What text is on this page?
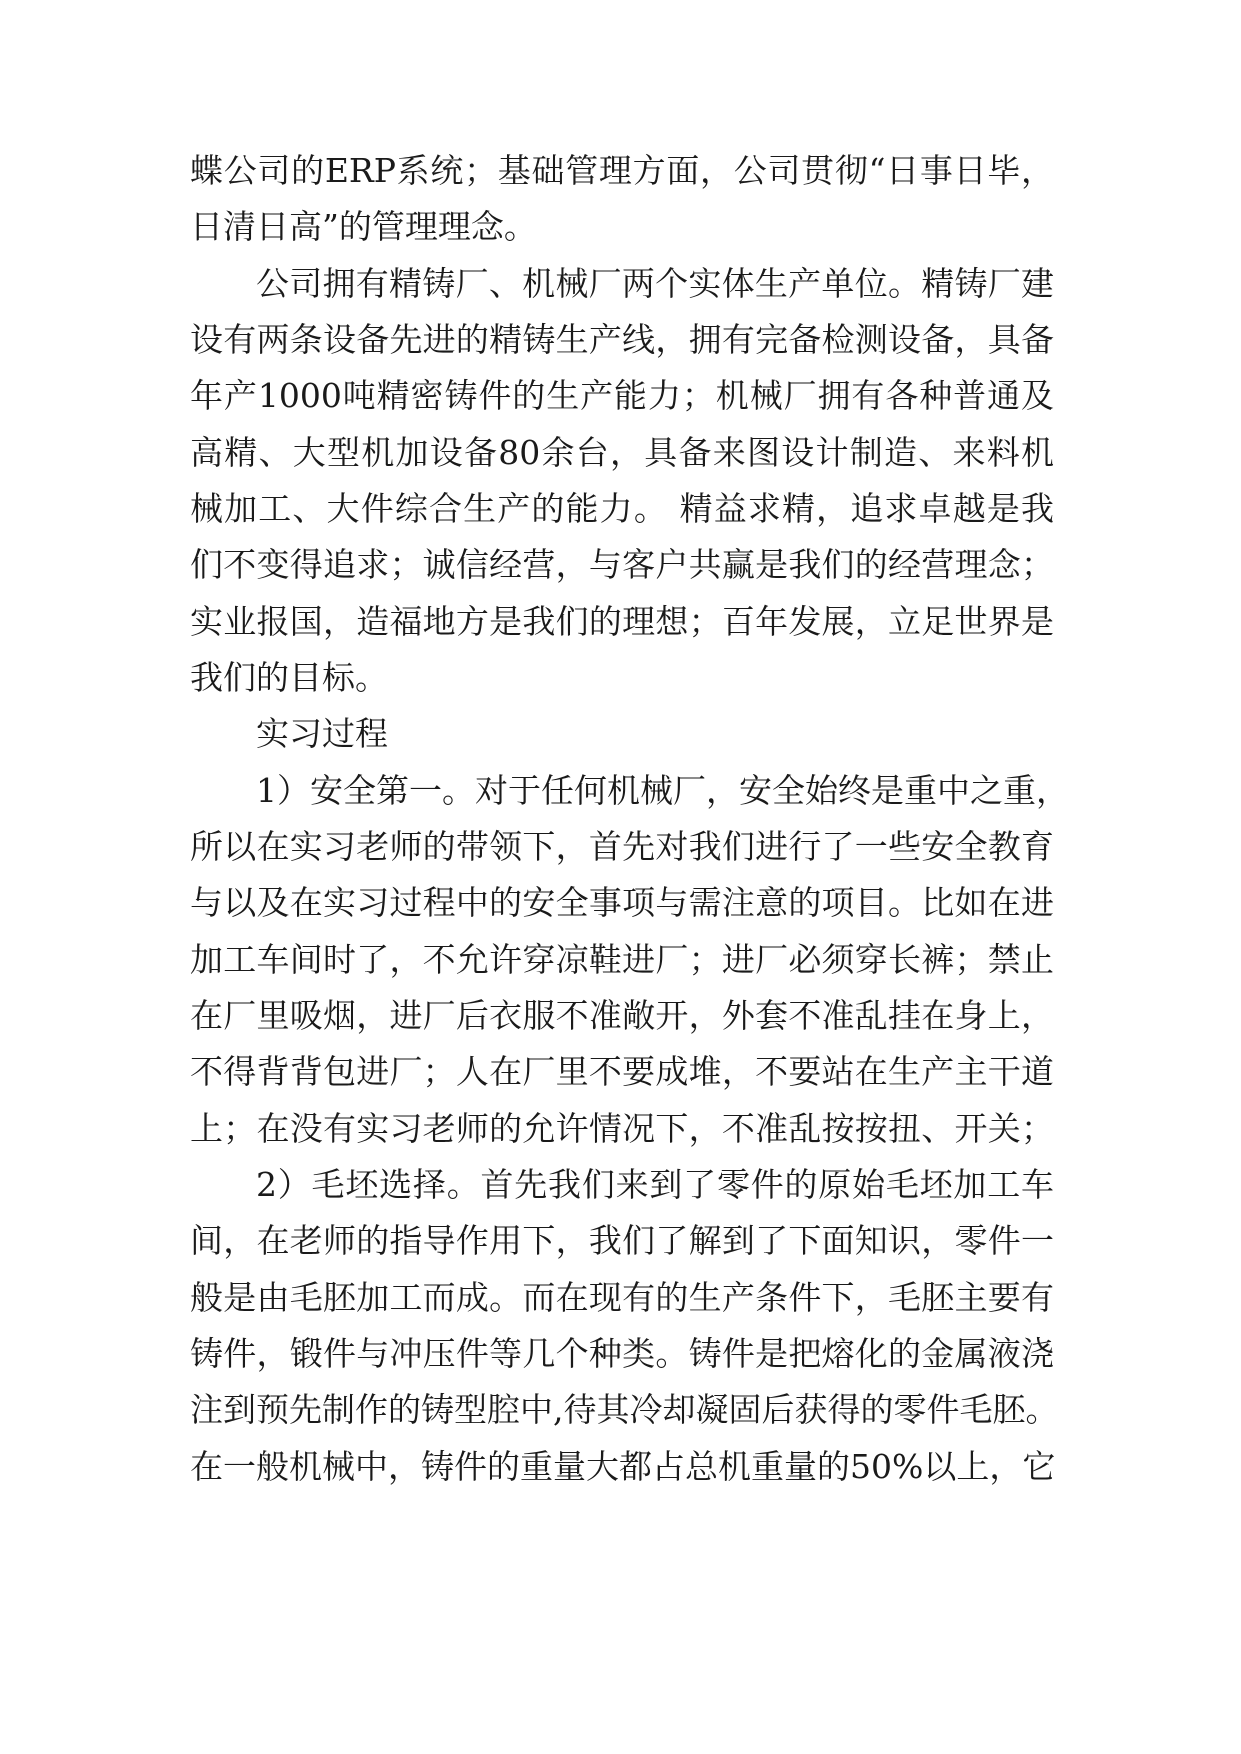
蝶公司的ERP系统；基础管理方面，公司贯彻“日事日毕，
日清日高”的管理理念。
公司拥有精铸厂、机械厂两个实体生产单位。精铸厂建
设有两条设备先进的精铸生产线，拥有完备检测设备，具备
年产1000吨精密铸件的生产能力；机械厂拥有各种普通及
高精、大型机加设备80余台，具备来图设计制造、来料机
械加工、大件综合生产的能力。 精益求精，追求卓越是我
们不变得追求；诚信经营，与客户共赢是我们的经营理念；
实业报国，造福地方是我们的理想；百年发展，立足世界是
我们的目标。
实习过程
1）安全第一。对于任何机械厂，安全始终是重中之重，
所以在实习老师的带领下，首先对我们进行了一些安全教育
与以及在实习过程中的安全事项与需注意的项目。比如在进
加工车间时了，不允许穿凉鞋进厂；进厂必须穿长裤；禁止
在厂里吸烟，进厂后衣服不准敞开，外套不准乱挂在身上，
不得背背包进厂；人在厂里不要成堆，不要站在生产主干道
上；在没有实习老师的允许情况下，不准乱按按扭、开关；
2）毛坯选择。首先我们来到了零件的原始毛坯加工车
间，在老师的指导作用下，我们了解到了下面知识，零件一
般是由毛胚加工而成。而在现有的生产条件下，毛胚主要有
铸件，锻件与冲压件等几个种类。铸件是把熔化的金属液浇
注到预先制作的铸型腔中,待其冷却凝固后获得的零件毛胚。
在一般机械中，铸件的重量大都占总机重量的50%以上，它
